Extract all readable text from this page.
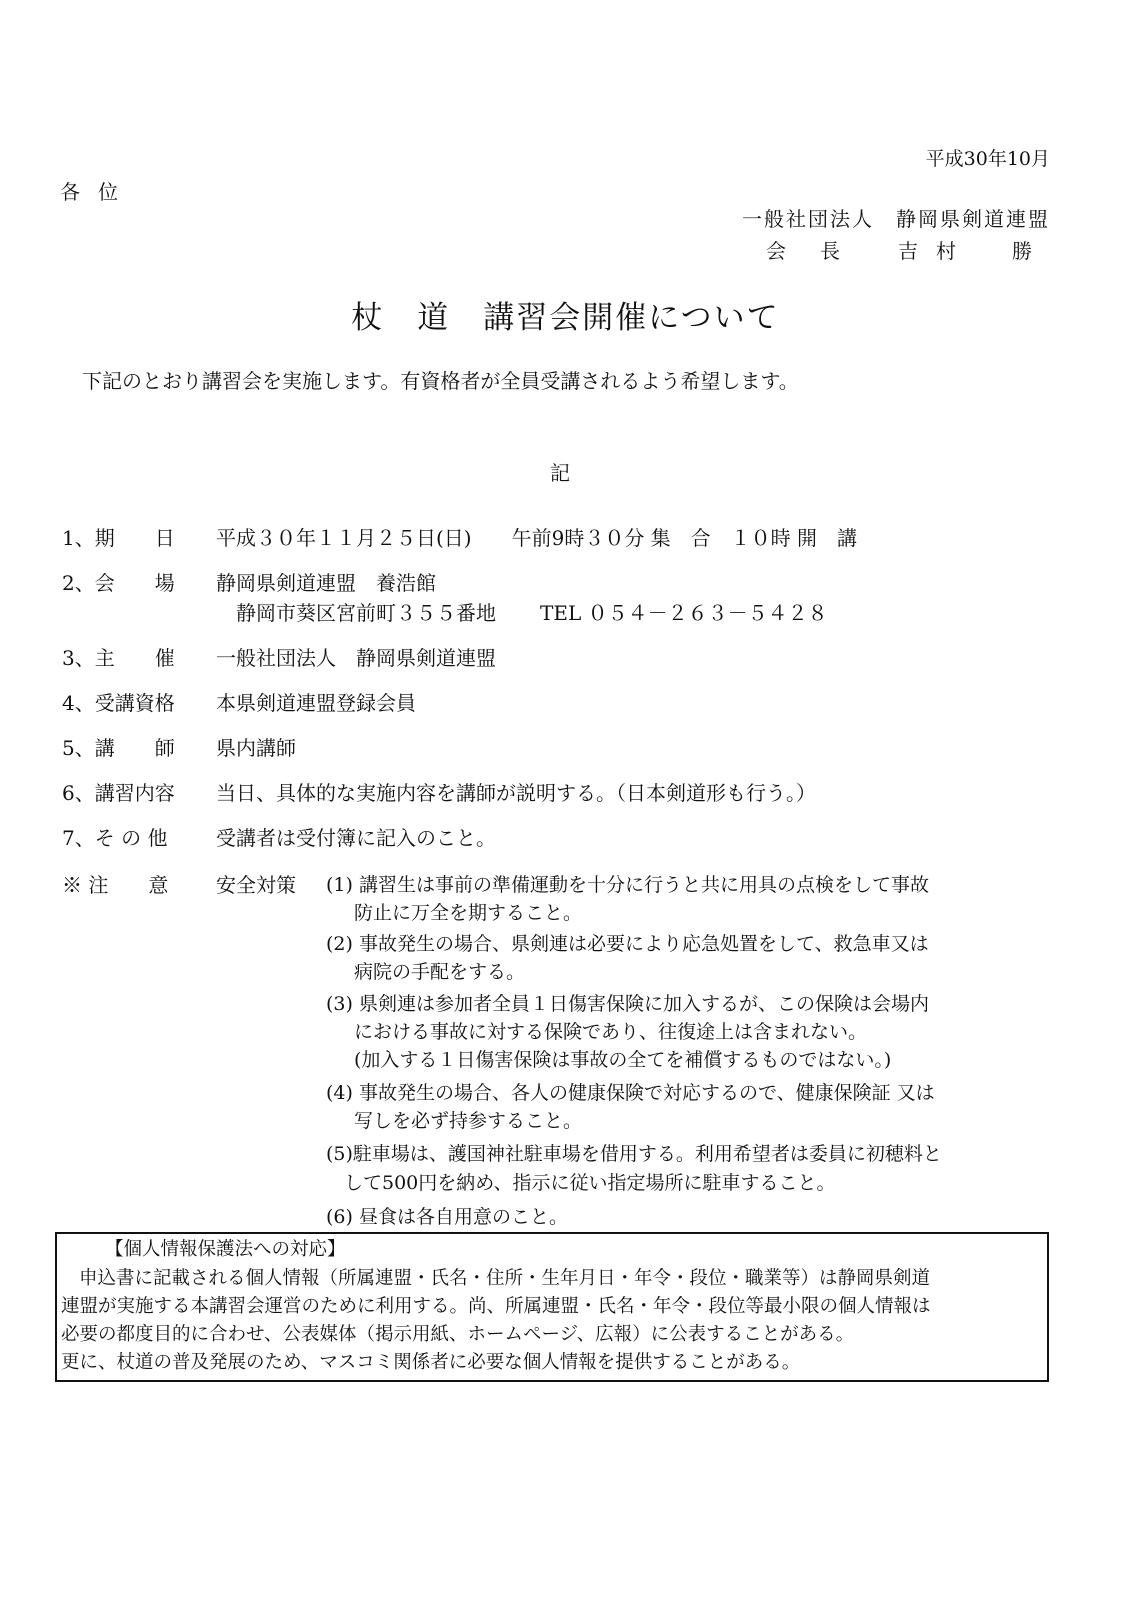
平成30年10月
各位
一般社団法人　静岡県剣道連盟
会長 吉村　勝
杖　道　講習会開催について
下記のとおり講習会を実施します。有資格者が全員受講されるよう希望します。
記
1、期　　日 平成３０年１１月２５日(日)　　午前9時３０分 集　合　１０時 開　講
2、会　　場 静岡県剣道連盟　養浩館
静岡市葵区宮前町３５５番地 TEL ０５４－２６３－５４２８
3、主　　催 一般社団法人　静岡県剣道連盟
4、受講資格 本県剣道連盟登録会員
5、講　　師 県内講師
6、講習内容 当日、具体的な実施内容を講師が説明する。（日本剣道形も行う。）
7、そ の 他 受講者は受付簿に記入のこと。
※ 注　　意 安全対策 (1) 講習生は事前の準備運動を十分に行うと共に用具の点検をして事故
防止に万全を期すること。
(2) 事故発生の場合、県剣連は必要により応急処置をして、救急車又は
病院の手配をする。
(3) 県剣連は参加者全員１日傷害保険に加入するが、この保険は会場内
における事故に対する保険であり、往復途上は含まれない。
(加入する１日傷害保険は事故の全てを補償するものではない。)
(4) 事故発生の場合、各人の健康保険で対応するので、健康保険証 又は
写しを必ず持参すること。
(5)駐車場は、護国神社駐車場を借用する。利用希望者は委員に初穂料と
して500円を納め、指示に従い指定場所に駐車すること。
(6) 昼食は各自用意のこと。
【個人情報保護法への対応】
申込書に記載される個人情報（所属連盟・氏名・住所・生年月日・年令・段位・職業等）は静岡県剣道
連盟が実施する本講習会運営のために利用する。尚、所属連盟・氏名・年令・段位等最小限の個人情報は
必要の都度目的に合わせ、公表媒体（掲示用紙、ホームページ、広報）に公表することがある。
更に、杖道の普及発展のため、マスコミ関係者に必要な個人情報を提供することがある。
